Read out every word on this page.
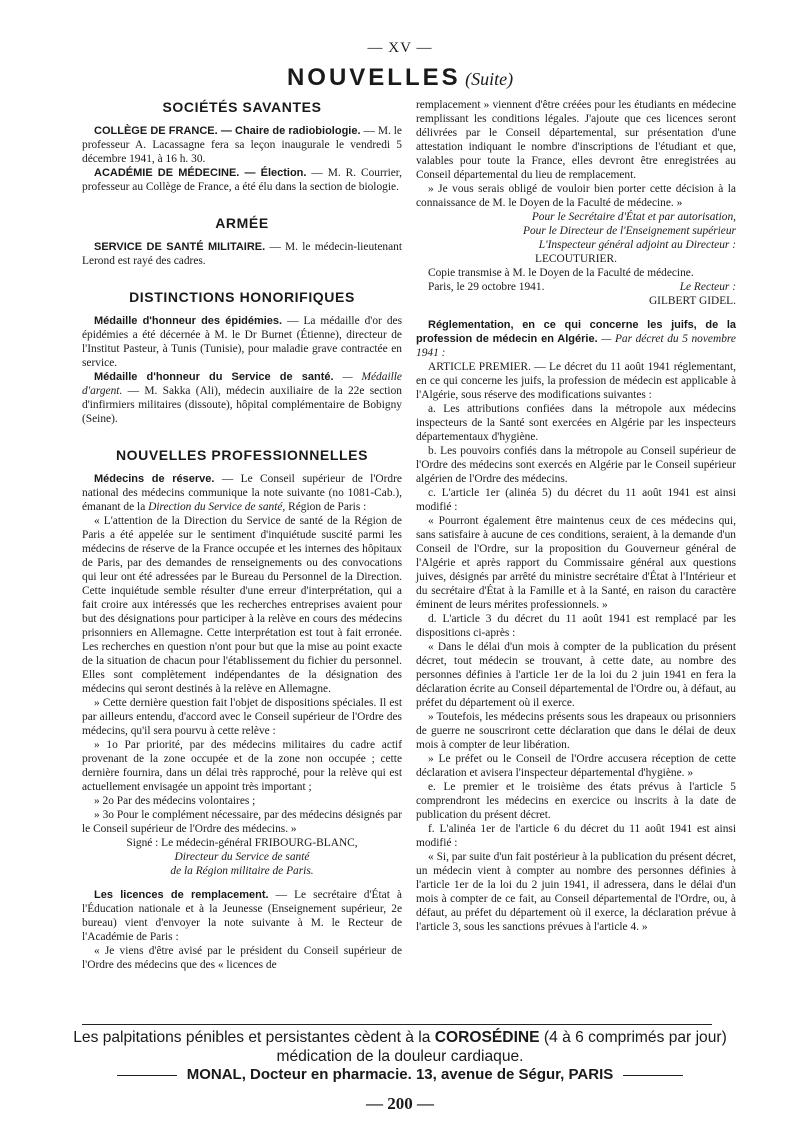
— XV —
NOUVELLES (Suite)
SOCIÉTÉS SAVANTES

COLLÈGE DE FRANCE. — Chaire de radiobiologie. — M. le professeur A. Lacassagne fera sa leçon inaugurale le vendredi 5 décembre 1941, à 16 h. 30.

ACADÉMIE DE MÉDECINE. — Élection. — M. R. Courrier, professeur au Collège de France, a été élu dans la section de biologie.

ARMÉE

SERVICE DE SANTÉ MILITAIRE. — M. le médecin-lieutenant Lerond est rayé des cadres.

DISTINCTIONS HONORIFIQUES

Médaille d'honneur des épidémies. — La médaille d'or des épidémies a été décernée à M. le Dr Burnet (Étienne), directeur de l'Institut Pasteur, à Tunis (Tunisie), pour maladie grave contractée en service.

Médaille d'honneur du Service de santé. — Médaille d'argent. — M. Sakka (Ali), médecin auxiliaire de la 22e section d'infirmiers militaires (dissoute), hôpital complémentaire de Bobigny (Seine).

NOUVELLES PROFESSIONNELLES

Médecins de réserve. — Le Conseil supérieur de l'Ordre national des médecins communique la note suivante (no 1081-Cab.), émanant de la Direction du Service de santé, Région de Paris :

« L'attention de la Direction du Service de santé de la Région de Paris a été appelée sur le sentiment d'inquiétude suscité parmi les médecins de réserve de la France occupée et les internes des hôpitaux de Paris, par des demandes de renseignements ou des convocations qui leur ont été adressées par le Bureau du Personnel de la Direction. Cette inquiétude semble résulter d'une erreur d'interprétation, qui a fait croire aux intéressés que les recherches entreprises avaient pour but des désignations pour participer à la relève en cours des médecins prisonniers en Allemagne. Cette interprétation est tout à fait erronée. Les recherches en question n'ont pour but que la mise au point exacte de la situation de chacun pour l'établissement du fichier du personnel. Elles sont complètement indépendantes de la désignation des médecins qui seront destinés à la relève en Allemagne.

» Cette dernière question fait l'objet de dispositions spéciales. Il est par ailleurs entendu, d'accord avec le Conseil supérieur de l'Ordre des médecins, qu'il sera pourvu à cette relève :

» 1o Par priorité, par des médecins militaires du cadre actif provenant de la zone occupée et de la zone non occupée ; cette dernière fournira, dans un délai très rapproché, pour la relève qui est actuellement envisagée un appoint très important ;

» 2o Par des médecins volontaires ;

» 3o Pour le complément nécessaire, par des médecins désignés par le Conseil supérieur de l'Ordre des médecins. »

Signé : Le médecin-général FRIBOURG-BLANC,

Directeur du Service de santé

de la Région militaire de Paris.

Les licences de remplacement. — Le secrétaire d'État à l'Éducation nationale et à la Jeunesse (Enseignement supérieur, 2e bureau) vient d'envoyer la note suivante à M. le Recteur de l'Académie de Paris :

« Je viens d'être avisé par le président du Conseil supérieur de l'Ordre des médecins que des « licences de

remplacement » viennent d'être créées pour les étudiants en médecine remplissant les conditions légales. J'ajoute que ces licences seront délivrées par le Conseil départemental, sur présentation d'une attestation indiquant le nombre d'inscriptions de l'étudiant et que, valables pour toute la France, elles devront être enregistrées au Conseil départemental du lieu de remplacement.

» Je vous serais obligé de vouloir bien porter cette décision à la connaissance de M. le Doyen de la Faculté de médecine. »

Pour le Secrétaire d'État et par autorisation,

Pour le Directeur de l'Enseignement supérieur

L'Inspecteur général adjoint au Directeur :

LECOUTURIER.

Copie transmise à M. le Doyen de la Faculté de médecine.

Paris, le 29 octobre 1941.	Le Recteur :

GILBERT GIDEL.

Réglementation, en ce qui concerne les juifs, de la profession de médecin en Algérie. — Par décret du 5 novembre 1941 :

ARTICLE PREMIER. — Le décret du 11 août 1941 réglementant, en ce qui concerne les juifs, la profession de médecin est applicable à l'Algérie, sous réserve des modifications suivantes :

a. Les attributions confiées dans la métropole aux médecins inspecteurs de la Santé sont exercées en Algérie par les inspecteurs départementaux d'hygiène.

b. Les pouvoirs confiés dans la métropole au Conseil supérieur de l'Ordre des médecins sont exercés en Algérie par le Conseil supérieur algérien de l'Ordre des médecins.

c. L'article 1er (alinéa 5) du décret du 11 août 1941 est ainsi modifié :

« Pourront également être maintenus ceux de ces médecins qui, sans satisfaire à aucune de ces conditions, seraient, à la demande d'un Conseil de l'Ordre, sur la proposition du Gouverneur général de l'Algérie et après rapport du Commissaire général aux questions juives, désignés par arrêté du ministre secrétaire d'État à l'Intérieur et du secrétaire d'État à la Famille et à la Santé, en raison du caractère éminent de leurs mérites professionnels. »

d. L'article 3 du décret du 11 août 1941 est remplacé par les dispositions ci-après :

« Dans le délai d'un mois à compter de la publication du présent décret, tout médecin se trouvant, à cette date, au nombre des personnes définies à l'article 1er de la loi du 2 juin 1941 en fera la déclaration écrite au Conseil départemental de l'Ordre ou, à défaut, au préfet du département où il exerce.

» Toutefois, les médecins présents sous les drapeaux ou prisonniers de guerre ne souscriront cette déclaration que dans le délai de deux mois à compter de leur libération.

» Le préfet ou le Conseil de l'Ordre accusera réception de cette déclaration et avisera l'inspecteur départemental d'hygiène. »

e. Le premier et le troisième des états prévus à l'article 5 comprendront les médecins en exercice ou inscrits à la date de publication du présent décret.

f. L'alinéa 1er de l'article 6 du décret du 11 août 1941 est ainsi modifié :

« Si, par suite d'un fait postérieur à la publication du présent décret, un médecin vient à compter au nombre des personnes définies à l'article 1er de la loi du 2 juin 1941, il adressera, dans le délai d'un mois à compter de ce fait, au Conseil départemental de l'Ordre, ou, à défaut, au préfet du département où il exerce, la déclaration prévue à l'article 3, sous les sanctions prévues à l'article 4. »

Les palpitations pénibles et persistantes cèdent à la COROSÉDINE (4 à 6 comprimés par jour)
médication de la douleur cardiaque.
MONAL, Docteur en pharmacie. 13, avenue de Ségur, PARIS
— 200 —
